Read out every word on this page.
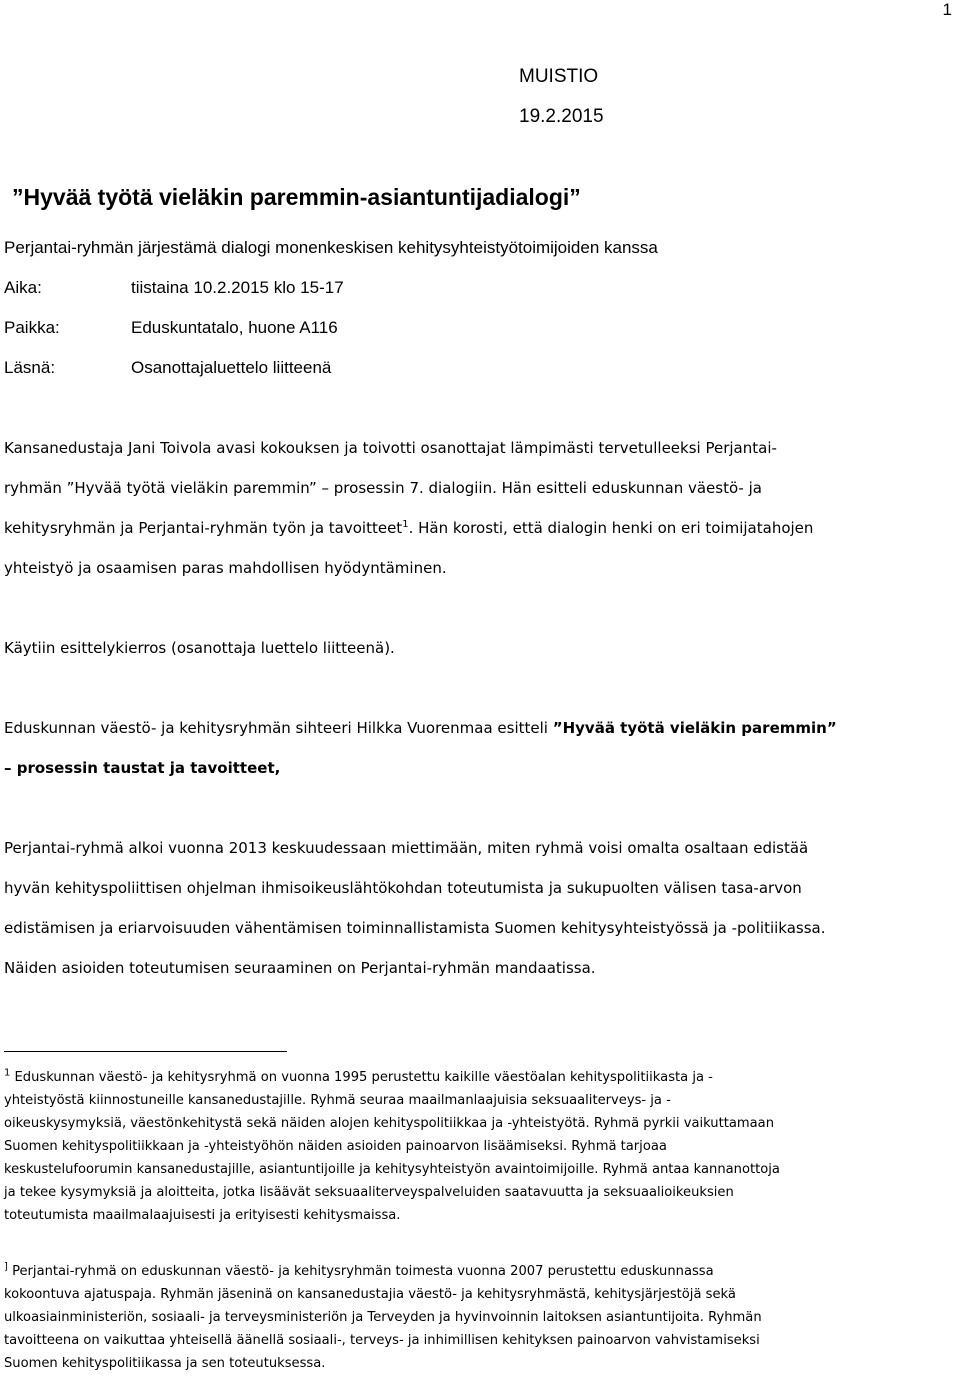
1
MUISTIO
19.2.2015
”Hyvää työtä vieläkin paremmin-asiantuntijadialogi”
Perjantai-ryhmän järjestämä dialogi monenkeskisen kehitysyhteistyötoimijoiden kanssa
Aika:	tiistaina 10.2.2015 klo 15-17
Paikka:	Eduskuntatalo, huone A116
Läsnä:	Osanottajaluettelo liitteenä
Kansanedustaja Jani Toivola avasi kokouksen ja toivotti osanottajat lämpimästi tervetulleeksi Perjantai-
ryhmän ”Hyvää työtä vieläkin paremmin” – prosessin 7. dialogiin. Hän esitteli eduskunnan väestö- ja
kehitysryhmän ja Perjantai-ryhmän työn ja tavoitteet$^1$. Hän korosti, että dialogin henki on eri toimijatahojen
yhteistyö ja osaamisen paras mahdollisen hyödyntäminen.
Käytiin esittelykierros (osanottaja luettelo liitteenä).
Eduskunnan väestö- ja kehitysryhmän sihteeri Hilkka Vuorenmaa esitteli ”Hyvää työtä vieläkin paremmin”
– prosessin taustat ja tavoitteet,
Perjantai-ryhmä alkoi vuonna 2013 keskuudessaan miettimään, miten ryhmä voisi omalta osaltaan edistää
hyvän kehityspoliittisen ohjelman ihmisoikeuslähtökohdan toteutumista ja sukupuolten välisen tasa-arvon
edistämisen ja eriarvoisuuden vähentämisen toiminnallistamista Suomen kehitysyhteistyössä ja -politiikassa.
Näiden asioiden toteutumisen seuraaminen on Perjantai-ryhmän mandaatissa.
$^1$ Eduskunnan väestö- ja kehitysryhmä on vuonna 1995 perustettu kaikille väestöalan kehityspolitiikasta ja -
yhteistyöstä kiinnostuneille kansanedustajille. Ryhmä seuraa maailmanlaajuisia seksuaaliterveys- ja -
oikeuskysymyksiä, väestönkehitystä sekä näiden alojen kehityspolitiikkaa ja -yhteistyötä. Ryhmä pyrkii vaikuttamaan
Suomen kehityspolitiikkaan ja -yhteistyöhön näiden asioiden painoarvon lisäämiseksi. Ryhmä tarjoaa
keskustelufoorumin kansanedustajille, asiantuntijoille ja kehitysyhteistyön avaintoimijoille. Ryhmä antaa kannanottoja
ja tekee kysymyksiä ja aloitteita, jotka lisäävät seksuaaliterveyspalveluiden saatavuutta ja seksuaalioikeuksien
toteutumista maailmalaajuisesti ja erityisesti kehitysmaissa.
] Perjantai-ryhmä on eduskunnan väestö- ja kehitysryhmän toimesta vuonna 2007 perustettu eduskunnassa
kokoontuva ajatuspaja. Ryhmän jäseninä on kansanedustajia väestö- ja kehitysryhmästä, kehitysjärjestöjä sekä
ulkoasiainministeriön, sosiaali- ja terveysministeriön ja Terveyden ja hyvinvoinnin laitoksen asiantuntijoita. Ryhmän
tavoitteena on vaikuttaa yhteisellä äänellä sosiaali-, terveys- ja inhimillisen kehityksen painoarvon vahvistamiseksi
Suomen kehityspolitiikassa ja sen toteutuksessa.
